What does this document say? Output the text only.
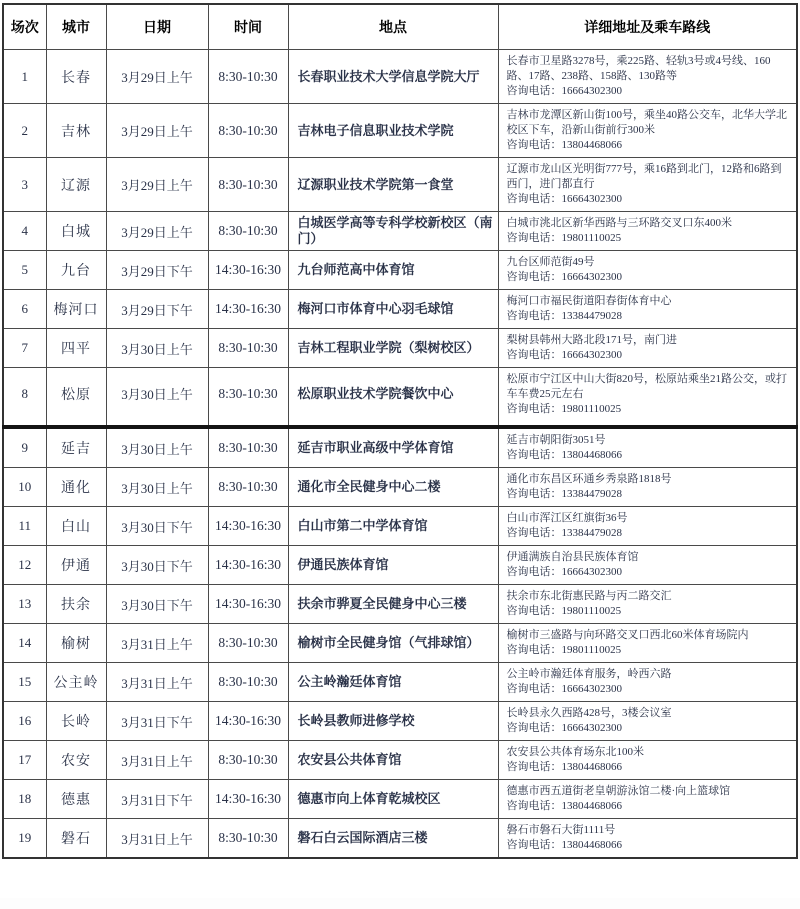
场次	城市	日期	时间	地点	详细地址及乘车路线
1	长春	3月29日上午	8:30-10:30	长春职业技术大学信息学院大厅	长春市卫星路3278号，乘225路、轻轨3号或4号线、160路、17路、238路、158路、130路等
咨询电话：16664302300

2	吉林	3月29日上午	8:30-10:30	吉林电子信息职业技术学院	吉林市龙潭区新山街100号，乘坐40路公交车，北华大学北校区下车，沿新山街前行300米
咨询电话：13804468066

3	辽源	3月29日上午	8:30-10:30	辽源职业技术学院第一食堂	辽源市龙山区光明街777号，乘16路到北门，12路和6路到西门，进门都直行
咨询电话：16664302300

4	白城	3月29日上午	8:30-10:30	白城医学高等专科学校新校区（南门）	白城市洮北区新华西路与三环路交叉口东400米
咨询电话：19801110025

5	九台	3月29日下午	14:30-16:30	九台师范高中体育馆	九台区师范街49号
咨询电话：16664302300

6	梅河口	3月29日下午	14:30-16:30	梅河口市体育中心羽毛球馆	梅河口市福民街道阳春街体育中心
咨询电话：13384479028

7	四平	3月30日上午	8:30-10:30	吉林工程职业学院（梨树校区）	梨树县韩州大路北段171号，南门进
咨询电话：16664302300

8	松原	3月30日上午	8:30-10:30	松原职业技术学院餐饮中心	松原市宁江区中山大街820号，松原站乘坐21路公交，或打车车费25元左右
咨询电话：19801110025

9	延吉	3月30日上午	8:30-10:30	延吉市职业高级中学体育馆	延吉市朝阳街3051号
咨询电话：13804468066

10	通化	3月30日上午	8:30-10:30	通化市全民健身中心二楼	通化市东昌区环通乡秀泉路1818号
咨询电话：13384479028

11	白山	3月30日下午	14:30-16:30	白山市第二中学体育馆	白山市浑江区红旗街36号
咨询电话：13384479028

12	伊通	3月30日下午	14:30-16:30	伊通民族体育馆	伊通满族自治县民族体育馆
咨询电话：16664302300

13	扶余	3月30日下午	14:30-16:30	扶余市骅夏全民健身中心三楼	扶余市东北街惠民路与丙二路交汇
咨询电话：19801110025

14	榆树	3月31日上午	8:30-10:30	榆树市全民健身馆（气排球馆）	榆树市三盛路与向环路交叉口西北60米体育场院内
咨询电话：19801110025

15	公主岭	3月31日上午	8:30-10:30	公主岭瀚廷体育馆	公主岭市瀚廷体育服务，岭西六路
咨询电话：16664302300

16	长岭	3月31日下午	14:30-16:30	长岭县教师进修学校	长岭县永久西路428号，3楼会议室
咨询电话：16664302300

17	农安	3月31日上午	8:30-10:30	农安县公共体育馆	农安县公共体育场东北100米
咨询电话：13804468066

18	德惠	3月31日下午	14:30-16:30	德惠市向上体育乾城校区	德惠市西五道街老皇朝游泳馆二楼·向上篮球馆
咨询电话：13804468066

19	磐石	3月31日上午	8:30-10:30	磐石白云国际酒店三楼	磐石市磐石大街1111号
咨询电话：13804468066
